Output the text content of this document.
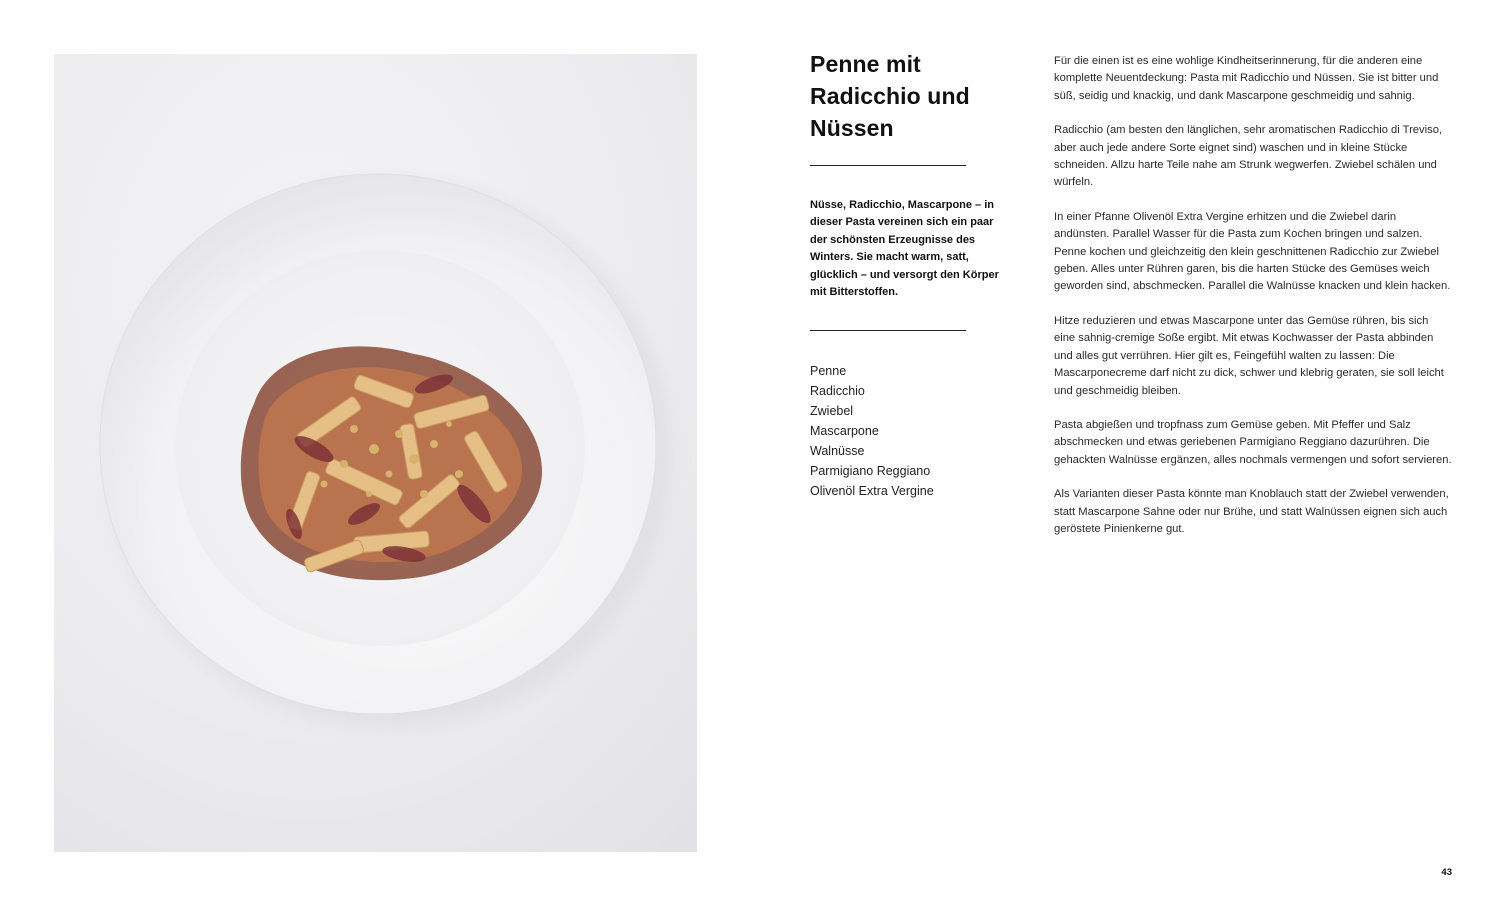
Penne mit Radicchio und Nüssen

Nüsse, Radicchio, Mascarpone – in dieser Pasta vereinen sich ein paar der schönsten Erzeugnisse des Winters. Sie macht warm, satt, glücklich – und versorgt den Körper mit Bitterstoffen.

Penne
Radicchio
Zwiebel
Mascarpone
Walnüsse
Parmigiano Reggiano
Olivenöl Extra Vergine

Für die einen ist es eine wohlige Kindheitserinnerung, für die anderen eine komplette Neuentdeckung: Pasta mit Radicchio und Nüssen. Sie ist bitter und süß, seidig und knackig, und dank Mascarpone geschmeidig und sahnig.

Radicchio (am besten den länglichen, sehr aromatischen Radicchio di Treviso, aber auch jede andere Sorte eignet sind) waschen und in kleine Stücke schneiden. Allzu harte Teile nahe am Strunk wegwerfen. Zwiebel schälen und würfeln.

In einer Pfanne Olivenöl Extra Vergine erhitzen und die Zwiebel darin andünsten. Parallel Wasser für die Pasta zum Kochen bringen und salzen. Penne kochen und gleichzeitig den klein geschnittenen Radicchio zur Zwiebel geben. Alles unter Rühren garen, bis die harten Stücke des Gemüses weich geworden sind, abschmecken. Parallel die Walnüsse knacken und klein hacken.

Hitze reduzieren und etwas Mascarpone unter das Gemüse rühren, bis sich eine sahnig-cremige Soße ergibt. Mit etwas Kochwasser der Pasta abbinden und alles gut verrühren. Hier gilt es, Feingefühl walten zu lassen: Die Mascarponecreme darf nicht zu dick, schwer und klebrig geraten, sie soll leicht und geschmeidig bleiben.

Pasta abgießen und tropfnass zum Gemüse geben. Mit Pfeffer und Salz abschmecken und etwas geriebenen Parmigiano Reggiano dazurühren. Die gehackten Walnüsse ergänzen, alles nochmals vermengen und sofort servieren.

Als Varianten dieser Pasta könnte man Knoblauch statt der Zwiebel verwenden, statt Mascarpone Sahne oder nur Brühe, und statt Walnüssen eignen sich auch geröstete Pinienkerne gut.

43
